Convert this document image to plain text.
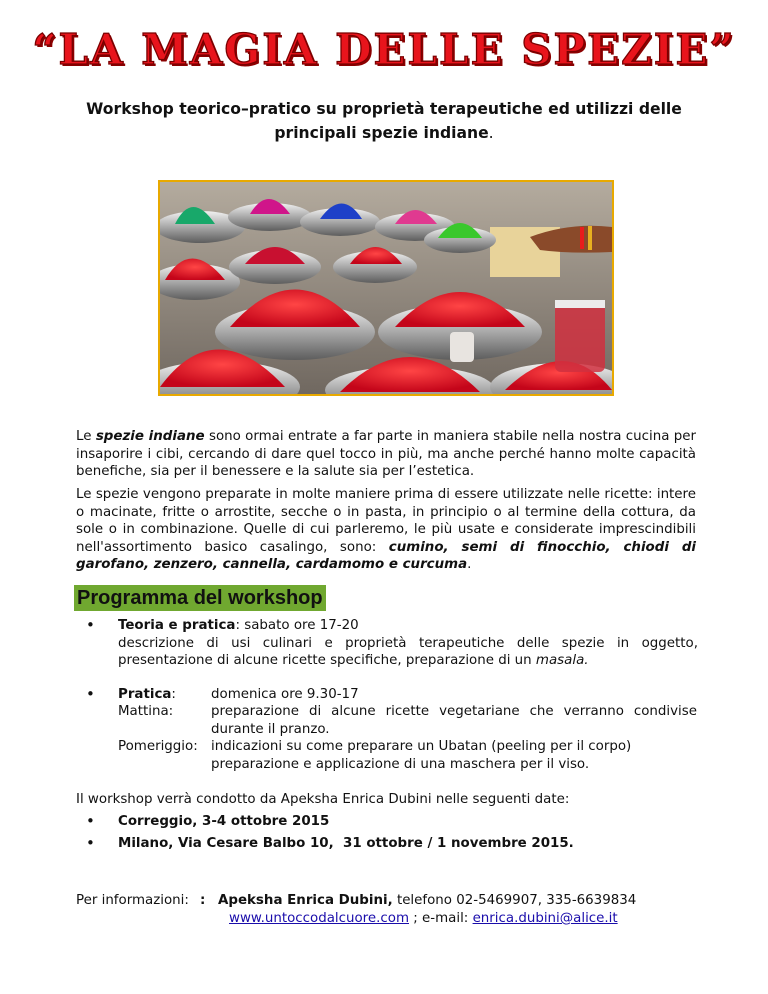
“LA MAGIA DELLE SPEZIE”
Workshop teorico–pratico su proprietà terapeutiche ed utilizzi delle
principali spezie indiane.
Le spezie indiane sono ormai entrate a far parte in maniera stabile nella nostra cucina per insaporire i cibi, cercando di dare quel tocco in più, ma anche perché hanno molte capacità benefiche, sia per il benessere e la salute sia per l’estetica.
Le spezie vengono preparate in molte maniere prima di essere utilizzate nelle ricette: intere o macinate, fritte o arrostite, secche o in pasta, in principio o al termine della cottura, da sole o in combinazione. Quelle di cui parleremo, le più usate e considerate imprescindibili nell'assortimento basico casalingo, sono: cumino, semi di finocchio, chiodi di garofano, zenzero, cannella, cardamomo e curcuma.
Programma del workshop
• Teoria e pratica: sabato ore 17-20
descrizione di usi culinari e proprietà terapeutiche delle spezie in oggetto, presentazione di alcune ricette specifiche, preparazione di un masala.
• Pratica:	domenica ore 9.30-17
Mattina:	preparazione di alcune ricette vegetariane che verranno condivise durante il pranzo.
Pomeriggio: indicazioni su come preparare un Ubatan (peeling per il corpo)
preparazione e applicazione di una maschera per il viso.
Il workshop verrà condotto da Apeksha Enrica Dubini nelle seguenti date:
• Correggio, 3-4 ottobre 2015
• Milano, Via Cesare Balbo 10,  31 ottobre / 1 novembre 2015.
Per informazioni: : Apeksha Enrica Dubini, telefono 02-5469907, 335-6639834
www.untoccodalcuore.com ; e-mail: enrica.dubini@alice.it
